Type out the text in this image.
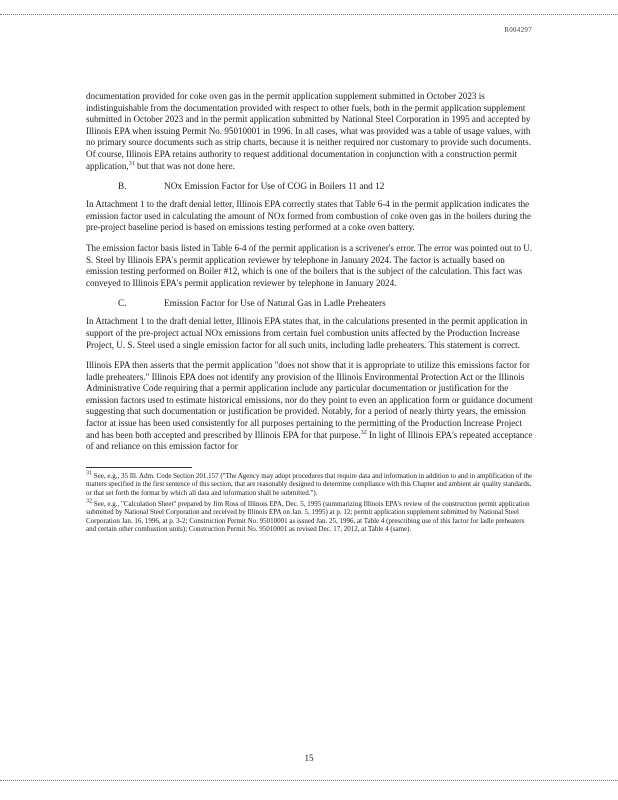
R004297

documentation provided for coke oven gas in the permit application supplement submitted in October 2023 is indistinguishable from the documentation provided with respect to other fuels, both in the permit application supplement submitted in October 2023 and in the permit application submitted by National Steel Corporation in 1995 and accepted by Illinois EPA when issuing Permit No. 95010001 in 1996. In all cases, what was provided was a table of usage values, with no primary source documents such as strip charts, because it is neither required nor customary to provide such documents. Of course, Illinois EPA retains authority to request additional documentation in conjunction with a construction permit application,$^{31}$ but that was not done here.

B.	NOx Emission Factor for Use of COG in Boilers 11 and 12

In Attachment 1 to the draft denial letter, Illinois EPA correctly states that Table 6-4 in the permit application indicates the emission factor used in calculating the amount of NOx formed from combustion of coke oven gas in the boilers during the pre-project baseline period is based on emissions testing performed at a coke oven battery.

The emission factor basis listed in Table 6-4 of the permit application is a scrivener's error. The error was pointed out to U. S. Steel by Illinois EPA's permit application reviewer by telephone in January 2024. The factor is actually based on emission testing performed on Boiler #12, which is one of the boilers that is the subject of the calculation. This fact was conveyed to Illinois EPA's permit application reviewer by telephone in January 2024.

C.	Emission Factor for Use of Natural Gas in Ladle Preheaters

In Attachment 1 to the draft denial letter, Illinois EPA states that, in the calculations presented in the permit application in support of the pre-project actual NOx emissions from certain fuel combustion units affected by the Production Increase Project, U. S. Steel used a single emission factor for all such units, including ladle preheaters. This statement is correct.

Illinois EPA then asserts that the permit application "does not show that it is appropriate to utilize this emissions factor for ladle preheaters." Illinois EPA does not identify any provision of the Illinois Environmental Protection Act or the Illinois Administrative Code requiring that a permit application include any particular documentation or justification for the emission factors used to estimate historical emissions, nor do they point to even an application form or guidance document suggesting that such documentation or justification be provided. Notably, for a period of nearly thirty years, the emission factor at issue has been used consistently for all purposes pertaining to the permitting of the Production Increase Project and has been both accepted and prescribed by Illinois EPA for that purpose.$^{32}$ In light of Illinois EPA's repeated acceptance of and reliance on this emission factor for

31 See, e.g., 35 Ill. Adm. Code Section 201.157 ("The Agency may adopt procedures that require data and information in addition to and in amplification of the matters specified in the first sentence of this section, that are reasonably designed to determine compliance with this Chapter and ambient air quality standards, or that set forth the format by which all data and information shall be submitted.").

32 See, e.g., "Calculation Sheet" prepared by Jim Ross of Illinois EPA, Dec. 5, 1995 (summarizing Illinois EPA's review of the construction permit application submitted by National Steel Corporation and received by Illinois EPA on Jan. 5, 1995) at p. 12; permit application supplement submitted by National Steel Corporation Jan. 16, 1996, at p. 3-2; Construction Permit No. 95010001 as issued Jan. 25, 1996, at Table 4 (prescribing use of this factor for ladle preheaters and certain other combustion units); Construction Permit No. 95010001 as revised Dec. 17, 2012, at Table 4 (same).

15
